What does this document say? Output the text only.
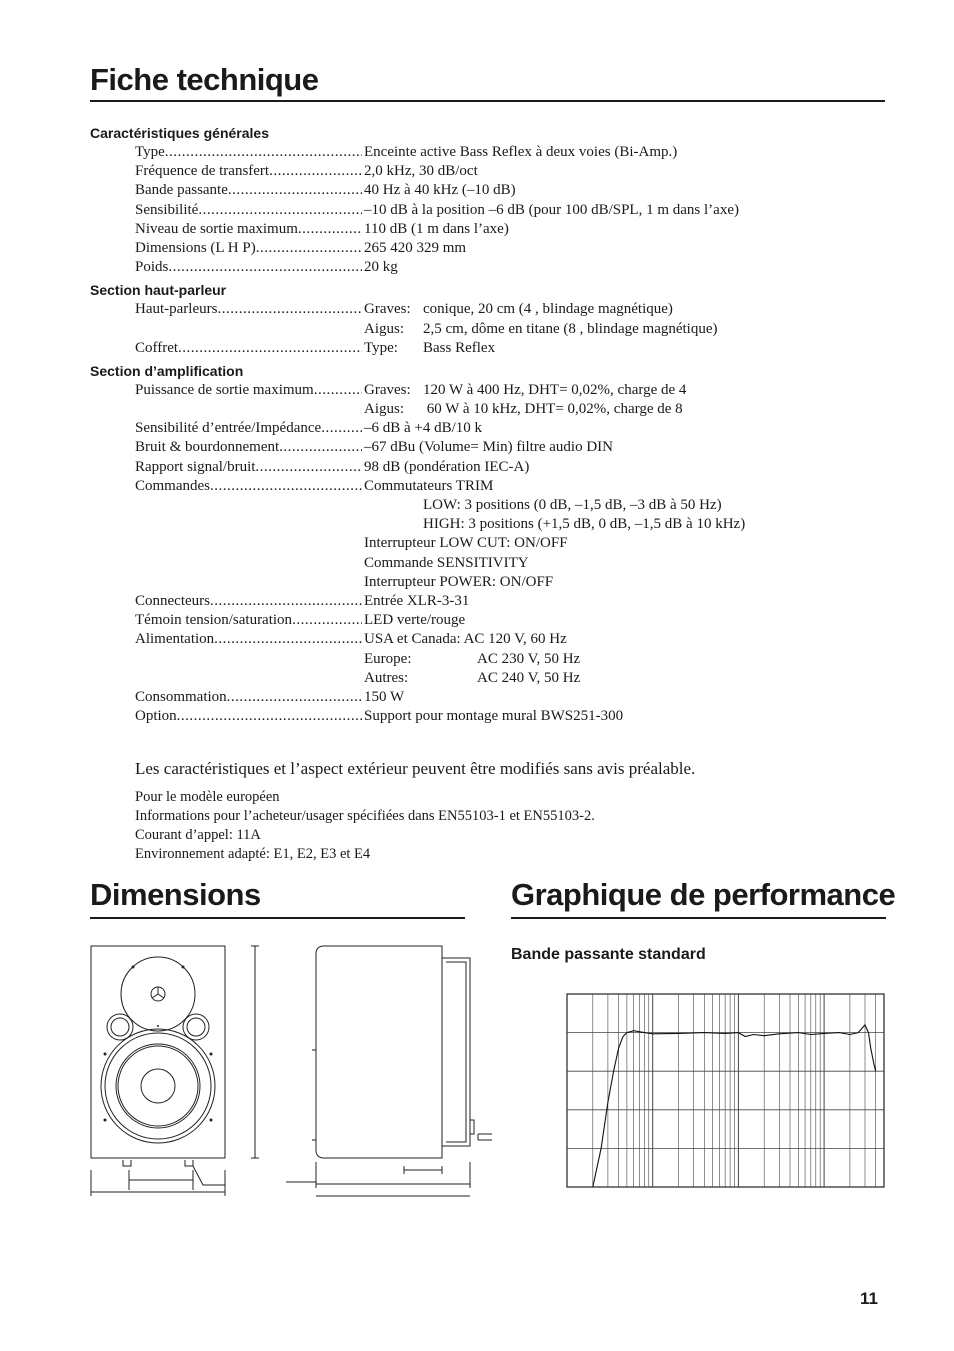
Fiche technique
Caractéristiques générales
Type .....	Enceinte active Bass Reflex à deux voies (Bi-Amp.)
Fréquence de transfert .....	2,0 kHz, 30 dB/oct
Bande passante .....	40 Hz à 40 kHz (–10 dB)
Sensibilité .....	–10 dB à la position –6 dB (pour 100 dB/SPL, 1 m dans l’axe)
Niveau de sortie maximum .....	110 dB (1 m dans l’axe)
Dimensions (L H P) .....	265 420 329 mm
Poids .....	20 kg
Section haut-parleur
Haut-parleurs .....	Graves: conique, 20 cm (4 , blindage magnétique)
Aigus: 2,5 cm, dôme en titane (8 , blindage magnétique)
Coffret .....	Type: Bass Reflex
Section d’amplification
Puissance de sortie maximum .....	Graves: 120 W à 400 Hz, DHT= 0,02%, charge de 4
Aigus: 60 W à 10 kHz, DHT= 0,02%, charge de 8
Sensibilité d’entrée/Impédance .....	–6 dB à +4 dB/10 k
Bruit & bourdonnement .....	–67 dBu (Volume= Min) filtre audio DIN
Rapport signal/bruit .....	98 dB (pondération IEC-A)
Commandes .....	Commutateurs TRIM
LOW: 3 positions (0 dB, –1,5 dB, –3 dB à 50 Hz)
HIGH: 3 positions (+1,5 dB, 0 dB, –1,5 dB à 10 kHz)
Interrupteur LOW CUT: ON/OFF
Commande SENSITIVITY
Interrupteur POWER: ON/OFF
Connecteurs .....	Entrée XLR-3-31
Témoin tension/saturation .....	LED verte/rouge
Alimentation .....	USA et Canada: AC 120 V, 60 Hz
Europe:	AC 230 V, 50 Hz
Autres:	AC 240 V, 50 Hz
Consommation .....	150 W
Option .....	Support pour montage mural BWS251-300
Les caractéristiques et l’aspect extérieur peuvent être modifiés sans avis préalable.
Pour le modèle européen
Informations pour l’acheteur/usager spécifiées dans EN55103-1 et EN55103-2.
Courant d’appel: 11A
Environnement adapté: E1, E2, E3 et E4
Dimensions	Graphique de performance
Bande passante standard
11
